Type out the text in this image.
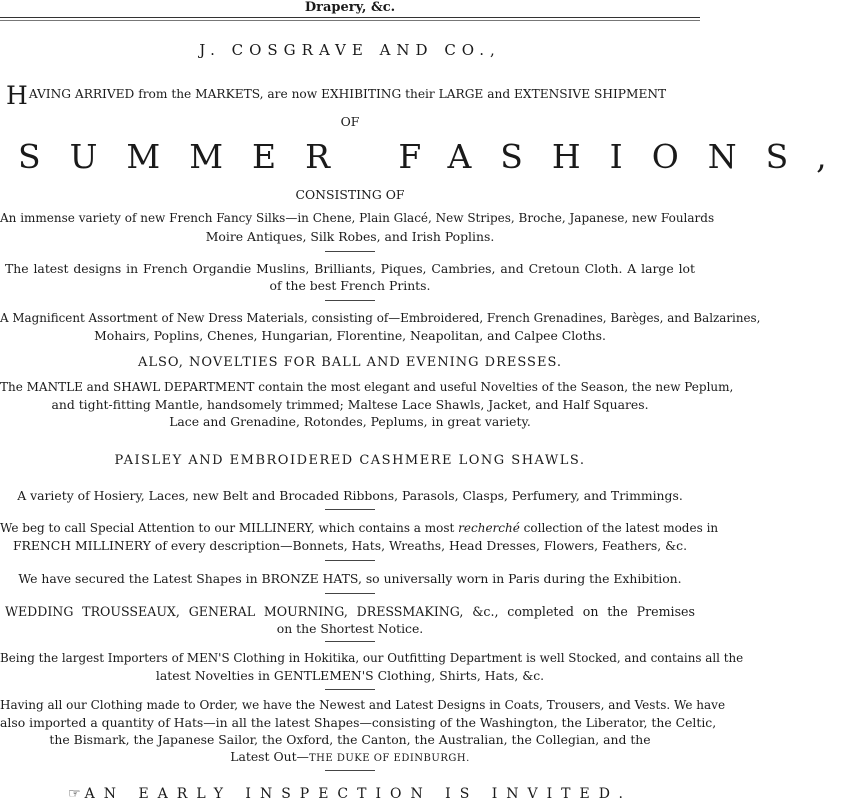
Drapery, &c.
J. COSGRAVE AND CO.,
HAVING ARRIVED from the MARKETS, are now EXHIBITING their LARGE and EXTENSIVE SHIPMENT
OF
SUMMER FASHIONS,
CONSISTING OF
An immense variety of new French Fancy Silks—in Chene, Plain Glacé, New Stripes, Broche, Japanese, new Foulards
Moire Antiques, Silk Robes, and Irish Poplins.
The latest designs in French Organdie Muslins, Brilliants, Piques, Cambries, and Cretoun Cloth. A large lot
of the best French Prints.
A Magnificent Assortment of New Dress Materials, consisting of—Embroidered, French Grenadines, Barèges, and Balzarines,
Mohairs, Poplins, Chenes, Hungarian, Florentine, Neapolitan, and Calpee Cloths.
ALSO, NOVELTIES FOR BALL AND EVENING DRESSES.
The MANTLE and SHAWL DEPARTMENT contain the most elegant and useful Novelties of the Season, the new Peplum,
and tight-fitting Mantle, handsomely trimmed; Maltese Lace Shawls, Jacket, and Half Squares.
Lace and Grenadine, Rotondes, Peplums, in great variety.
PAISLEY AND EMBROIDERED CASHMERE LONG SHAWLS.
A variety of Hosiery, Laces, new Belt and Brocaded Ribbons, Parasols, Clasps, Perfumery, and Trimmings.
We beg to call Special Attention to our MILLINERY, which contains a most recherché collection of the latest modes in
FRENCH MILLINERY of every description—Bonnets, Hats, Wreaths, Head Dresses, Flowers, Feathers, &c.
We have secured the Latest Shapes in BRONZE HATS, so universally worn in Paris during the Exhibition.
WEDDING TROUSSEAUX, GENERAL MOURNING, DRESSMAKING, &c., completed on the Premises
on the Shortest Notice.
Being the largest Importers of MEN'S Clothing in Hokitika, our Outfitting Department is well Stocked, and contains all the
latest Novelties in GENTLEMEN'S Clothing, Shirts, Hats, &c.
Having all our Clothing made to Order, we have the Newest and Latest Designs in Coats, Trousers, and Vests. We have
also imported a quantity of Hats—in all the latest Shapes—consisting of the Washington, the Liberator, the Celtic,
the Bismark, the Japanese Sailor, the Oxford, the Canton, the Australian, the Collegian, and the
Latest Out—THE DUKE OF EDINBURGH.
☞ AN EARLY INSPECTION IS INVITED.
